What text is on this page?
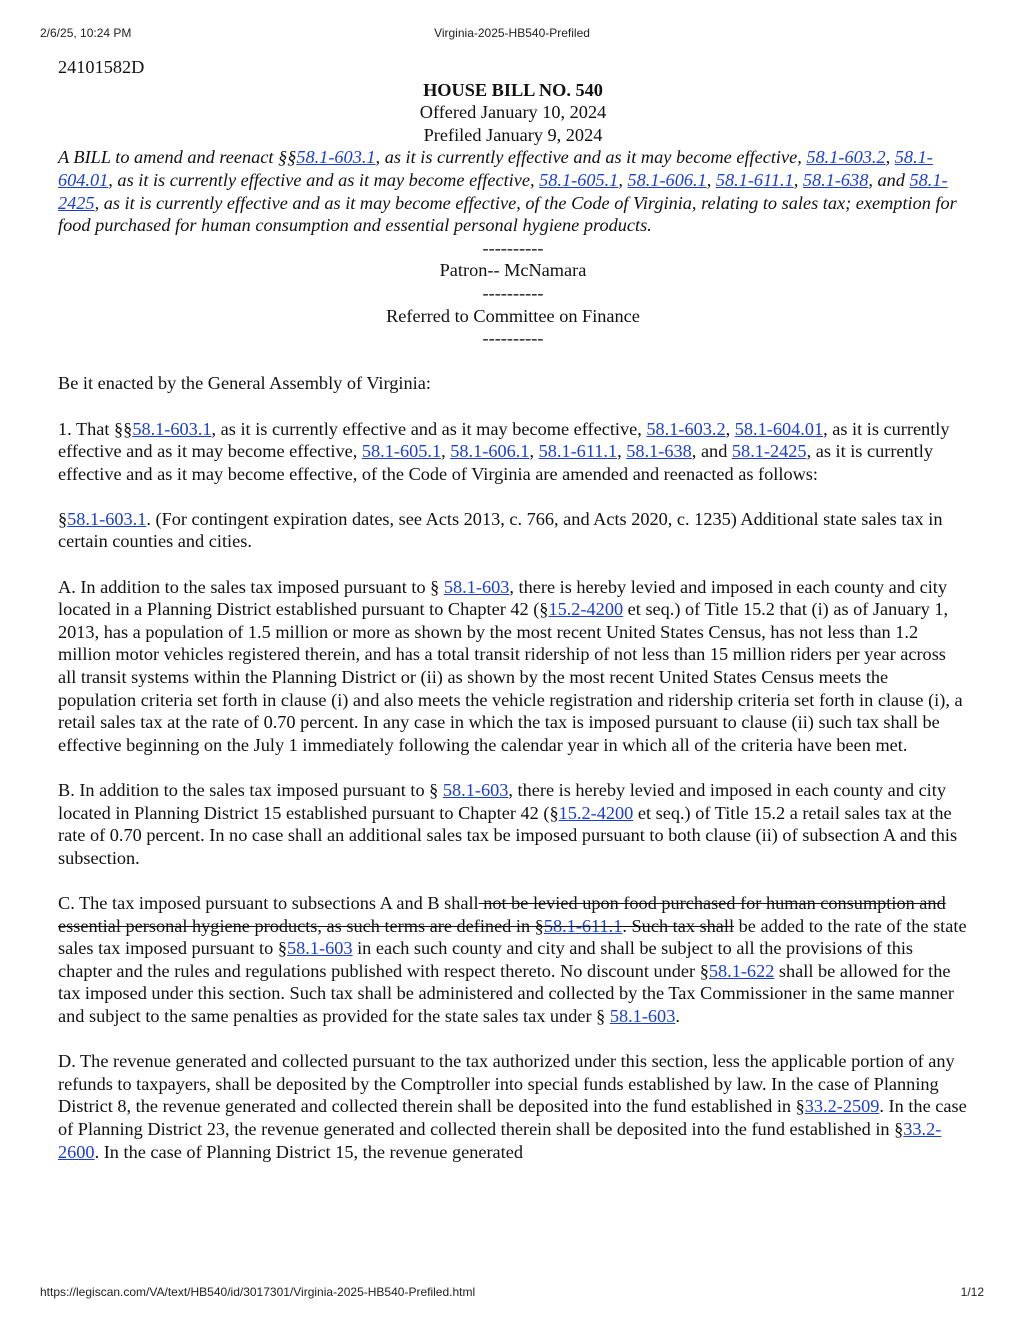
2/6/25, 10:24 PM	Virginia-2025-HB540-Prefiled

24101582D

HOUSE BILL NO. 540

Offered January 10, 2024

Prefiled January 9, 2024

A BILL to amend and reenact §§58.1-603.1, as it is currently effective and as it may become effective, 58.1-603.2, 58.1-604.01, as it is currently effective and as it may become effective, 58.1-605.1, 58.1-606.1, 58.1-611.1, 58.1-638, and 58.1-2425, as it is currently effective and as it may become effective, of the Code of Virginia, relating to sales tax; exemption for food purchased for human consumption and essential personal hygiene products.

----------

Patron-- McNamara

----------

Referred to Committee on Finance

----------

Be it enacted by the General Assembly of Virginia:

1. That §§58.1-603.1, as it is currently effective and as it may become effective, 58.1-603.2, 58.1-604.01, as it is currently effective and as it may become effective, 58.1-605.1, 58.1-606.1, 58.1-611.1, 58.1-638, and 58.1-2425, as it is currently effective and as it may become effective, of the Code of Virginia are amended and reenacted as follows:

§58.1-603.1. (For contingent expiration dates, see Acts 2013, c. 766, and Acts 2020, c. 1235) Additional state sales tax in certain counties and cities.

A. In addition to the sales tax imposed pursuant to § 58.1-603, there is hereby levied and imposed in each county and city located in a Planning District established pursuant to Chapter 42 (§15.2-4200 et seq.) of Title 15.2 that (i) as of January 1, 2013, has a population of 1.5 million or more as shown by the most recent United States Census, has not less than 1.2 million motor vehicles registered therein, and has a total transit ridership of not less than 15 million riders per year across all transit systems within the Planning District or (ii) as shown by the most recent United States Census meets the population criteria set forth in clause (i) and also meets the vehicle registration and ridership criteria set forth in clause (i), a retail sales tax at the rate of 0.70 percent. In any case in which the tax is imposed pursuant to clause (ii) such tax shall be effective beginning on the July 1 immediately following the calendar year in which all of the criteria have been met.

B. In addition to the sales tax imposed pursuant to § 58.1-603, there is hereby levied and imposed in each county and city located in Planning District 15 established pursuant to Chapter 42 (§15.2-4200 et seq.) of Title 15.2 a retail sales tax at the rate of 0.70 percent. In no case shall an additional sales tax be imposed pursuant to both clause (ii) of subsection A and this subsection.

C. The tax imposed pursuant to subsections A and B shall not be levied upon food purchased for human consumption and essential personal hygiene products, as such terms are defined in §58.1-611.1. Such tax shall be added to the rate of the state sales tax imposed pursuant to §58.1-603 in each such county and city and shall be subject to all the provisions of this chapter and the rules and regulations published with respect thereto. No discount under §58.1-622 shall be allowed for the tax imposed under this section. Such tax shall be administered and collected by the Tax Commissioner in the same manner and subject to the same penalties as provided for the state sales tax under § 58.1-603.

D. The revenue generated and collected pursuant to the tax authorized under this section, less the applicable portion of any refunds to taxpayers, shall be deposited by the Comptroller into special funds established by law. In the case of Planning District 8, the revenue generated and collected therein shall be deposited into the fund established in §33.2-2509. In the case of Planning District 23, the revenue generated and collected therein shall be deposited into the fund established in §33.2-2600. In the case of Planning District 15, the revenue generated

https://legiscan.com/VA/text/HB540/id/3017301/Virginia-2025-HB540-Prefiled.html	1/12
